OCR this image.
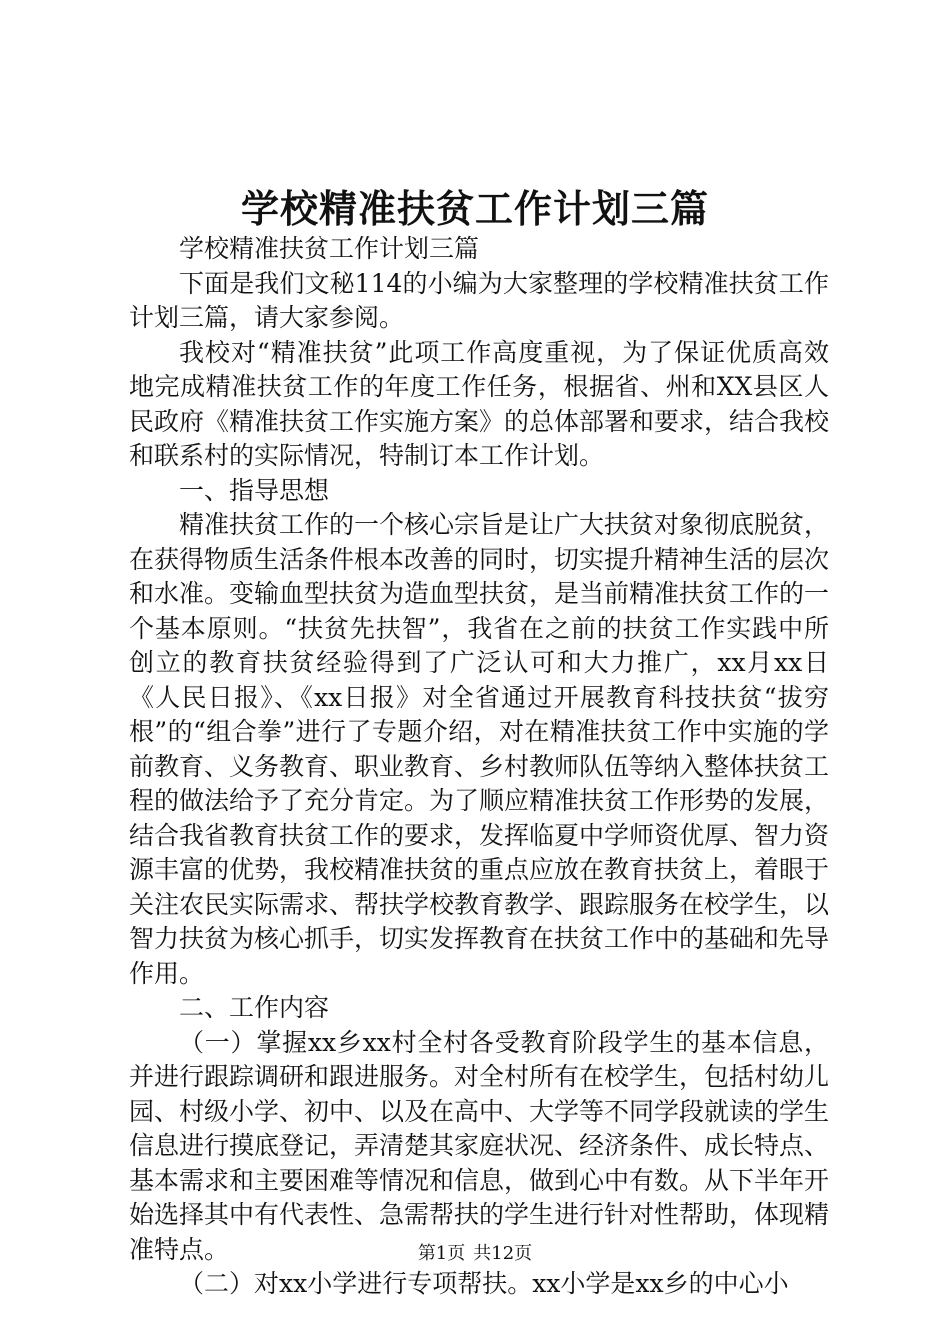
学校精准扶贫工作计划三篇

学校精准扶贫工作计划三篇

下面是我们文秘114的小编为大家整理的学校精准扶贫工作计划三篇，请大家参阅。

我校对“精准扶贫”此项工作高度重视，为了保证优质高效地完成精准扶贫工作的年度工作任务，根据省、州和XX县区人民政府《精准扶贫工作实施方案》的总体部署和要求，结合我校和联系村的实际情况，特制订本工作计划。

一、指导思想

精准扶贫工作的一个核心宗旨是让广大扶贫对象彻底脱贫，在获得物质生活条件根本改善的同时，切实提升精神生活的层次和水准。变输血型扶贫为造血型扶贫，是当前精准扶贫工作的一个基本原则。“扶贫先扶智”，我省在之前的扶贫工作实践中所创立的教育扶贫经验得到了广泛认可和大力推广，xx月xx日《人民日报》、《xx日报》对全省通过开展教育科技扶贫“拔穷根”的“组合拳”进行了专题介绍，对在精准扶贫工作中实施的学前教育、义务教育、职业教育、乡村教师队伍等纳入整体扶贫工程的做法给予了充分肯定。为了顺应精准扶贫工作形势的发展，结合我省教育扶贫工作的要求，发挥临夏中学师资优厚、智力资源丰富的优势，我校精准扶贫的重点应放在教育扶贫上，着眼于关注农民实际需求、帮扶学校教育教学、跟踪服务在校学生，以智力扶贫为核心抓手，切实发挥教育在扶贫工作中的基础和先导作用。

二、工作内容

（一）掌握xx乡xx村全村各受教育阶段学生的基本信息，并进行跟踪调研和跟进服务。对全村所有在校学生，包括村幼儿园、村级小学、初中、以及在高中、大学等不同学段就读的学生信息进行摸底登记，弄清楚其家庭状况、经济条件、成长特点、基本需求和主要困难等情况和信息，做到心中有数。从下半年开始选择其中有代表性、急需帮扶的学生进行针对性帮助，体现精准特点。

（二）对xx小学进行专项帮扶。xx小学是xx乡的中心小

第1页 共12页
